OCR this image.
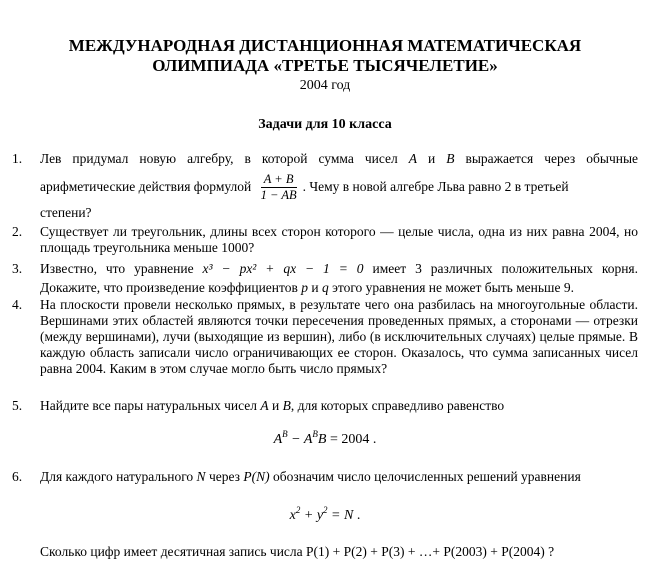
МЕЖДУНАРОДНАЯ ДИСТАНЦИОННАЯ МАТЕМАТИЧЕСКАЯ
ОЛИМПИАДА «ТРЕТЬЕ ТЫСЯЧЕЛЕТИЕ»
2004 год
Задачи для 10 класса
1. Лев придумал новую алгебру, в которой сумма чисел A и B выражается через обычные
арифметические действия формулой $\frac{A + B}{1 - AB}$ . Чему в новой алгебре Льва равно 2 в третьей
степени?
2. Существует ли треугольник, длины всех сторон которого — целые числа, одна из них равна 2004, но площадь треугольника меньше 1000?
3. Известно, что уравнение x³ − px² + qx − 1 = 0 имеет 3 различных положительных корня.
Докажите, что произведение коэффициентов p и q этого уравнения не может быть меньше 9.
4. На плоскости провели несколько прямых, в результате чего она разбилась на многоугольные области. Вершинами этих областей являются точки пересечения проведенных прямых, а сторонами — отрезки (между вершинами), лучи (выходящие из вершин), либо (в исключительных случаях) целые прямые. В каждую область записали число ограничивающих ее сторон. Оказалось, что сумма записанных чисел равна 2004. Каким в этом случае могло быть число прямых?
5. Найдите все пары натуральных чисел A и B, для которых справедливо равенство
$A^B - A^BB = 2004$ .
6. Для каждого натурального N через P(N) обозначим число целочисленных решений уравнения
$x^2 + y^2 = N$ .
Сколько цифр имеет десятичная запись числа P(1) + P(2) + P(3) + …+ P(2003) + P(2004) ?
